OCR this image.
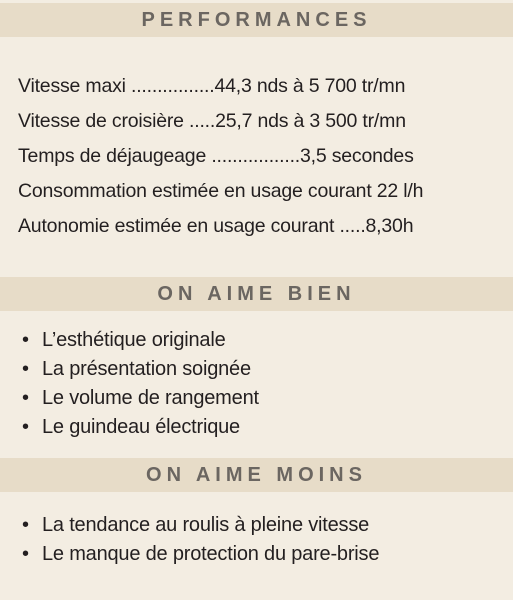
PERFORMANCES
Vitesse maxi ................44,3 nds à 5 700 tr/mn
Vitesse de croisière .....25,7 nds à 3 500 tr/mn
Temps de déjaugeage .................3,5 secondes
Consommation estimée en usage courant 22 l/h
Autonomie estimée en usage courant .....8,30h
ON AIME BIEN
• L’esthétique originale
• La présentation soignée
• Le volume de rangement
• Le guindeau électrique
ON AIME MOINS
• La tendance au roulis à pleine vitesse
• Le manque de protection du pare-brise
